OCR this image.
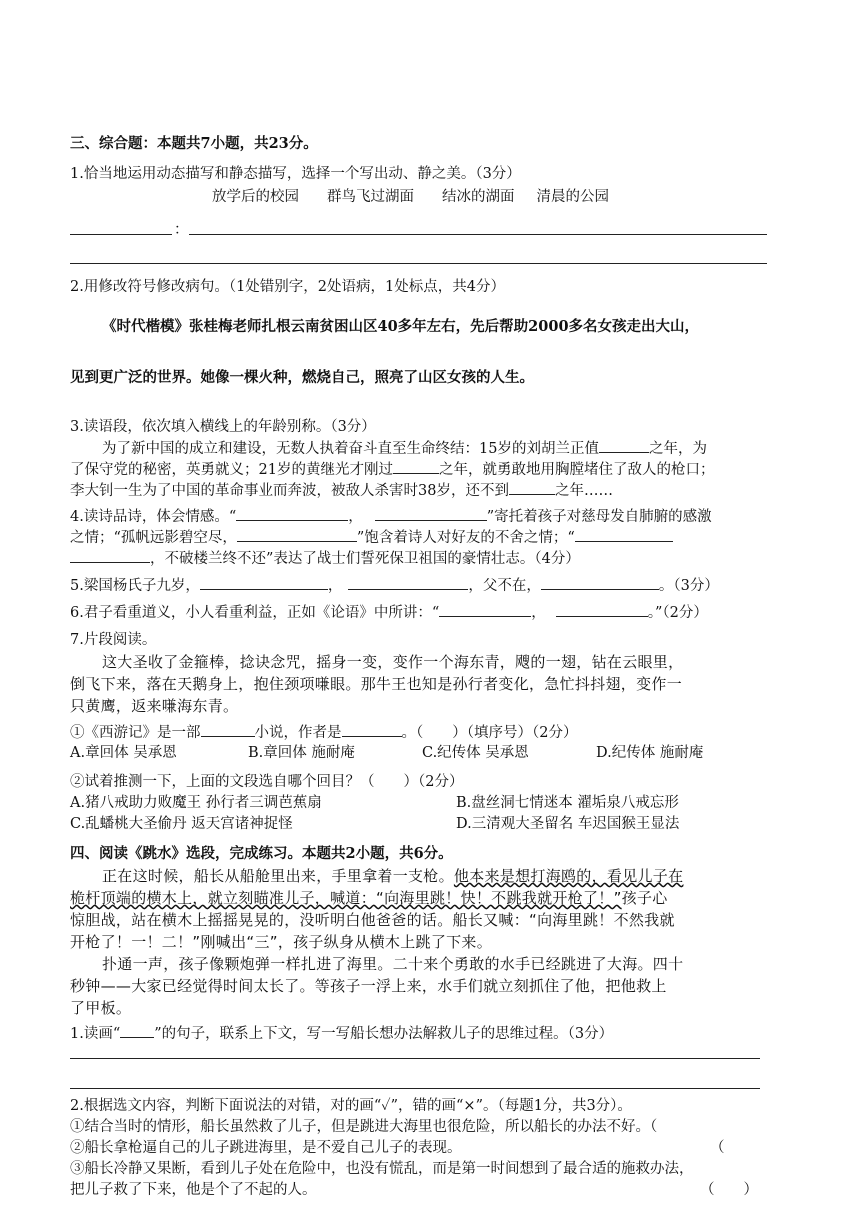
三、综合题：本题共7小题，共23分。
1.恰当地运用动态描写和静态描写，选择一个写出动、静之美。（3分）
放学后的校园 群鸟飞过湖面 结冰的湖面 清晨的公园
：
2.用修改符号修改病句。（1处错别字，2处语病，1处标点，共4分）
《时代楷模》张桂梅老师扎根云南贫困山区40多年左右，先后帮助2000多名女孩走出大山，
见到更广泛的世界。她像一棵火种，燃烧自己，照亮了山区女孩的人生。
3.读语段，依次填入横线上的年龄别称。（3分）
为了新中国的成立和建设，无数人执着奋斗直至生命终结：15岁的刘胡兰正值	之年，为
了保守党的秘密，英勇就义；21岁的黄继光才刚过	之年，就勇敢地用胸膛堵住了敌人的枪口；
李大钊一生为了中国的革命事业而奔波，被敌人杀害时38岁，还不到	之年……
4.读诗品诗，体会情感。“	，	”寄托着孩子对慈母发自肺腑的感激
之情；“孤帆远影碧空尽，	”饱含着诗人对好友的不舍之情；“
，不破楼兰终不还”表达了战士们誓死保卫祖国的豪情壮志。（4分）
5.梁国杨氏子九岁，	，	，父不在，	。（3分）
6.君子看重道义，小人看重利益，正如《论语》中所讲：“	，	。”（2分）
7.片段阅读。
这大圣收了金箍棒，捻诀念咒，摇身一变，变作一个海东青，飕的一翅，钻在云眼里，
倒飞下来，落在天鹅身上，抱住颈项嗛眼。那牛王也知是孙行者变化，急忙抖抖翅，变作一
只黄鹰，返来嗛海东青。
①《西游记》是一部	小说，作者是	。（　　）（填序号）（2分）
A.章回体 吴承恩	B.章回体 施耐庵	C.纪传体 吴承恩	D.纪传体 施耐庵
②试着推测一下，上面的文段选自哪个回目？（　　）（2分）
A.猪八戒助力败魔王 孙行者三调芭蕉扇	B.盘丝洞七情迷本 濯垢泉八戒忘形
C.乱蟠桃大圣偷丹 返天宫诸神捉怪	D.三清观大圣留名 车迟国猴王显法
四、阅读《跳水》选段，完成练习。本题共2小题，共6分。
正在这时候，船长从船舱里出来，手里拿着一支枪。他本来是想打海鸥的，看见儿子在
桅杆顶端的横木上，就立刻瞄准儿子，喊道：“向海里跳！快！不跳我就开枪了！”孩子心
惊胆战，站在横木上摇摇晃晃的，没听明白他爸爸的话。船长又喊：“向海里跳！不然我就
开枪了！一！二！”刚喊出“三”，孩子纵身从横木上跳了下来。
扑通一声，孩子像颗炮弹一样扎进了海里。二十来个勇敢的水手已经跳进了大海。四十
秒钟——大家已经觉得时间太长了。等孩子一浮上来，水手们就立刻抓住了他，把他救上
了甲板。
1.读画“ ”的句子，联系上下文，写一写船长想办法解救儿子的思维过程。（3分）
2.根据选文内容，判断下面说法的对错，对的画“✓”，错的画“×”。（每题1分，共3分）。
①结合当时的情形，船长虽然救了儿子，但是跳进大海里也很危险，所以船长的办法不好。（
②船长拿枪逼自己的儿子跳进海里，是不爱自己儿子的表现。	（
③船长冷静又果断，看到儿子处在危险中，也没有慌乱，而是第一时间想到了最合适的施救办法，
把儿子救了下来，他是个了不起的人。	（　　）
